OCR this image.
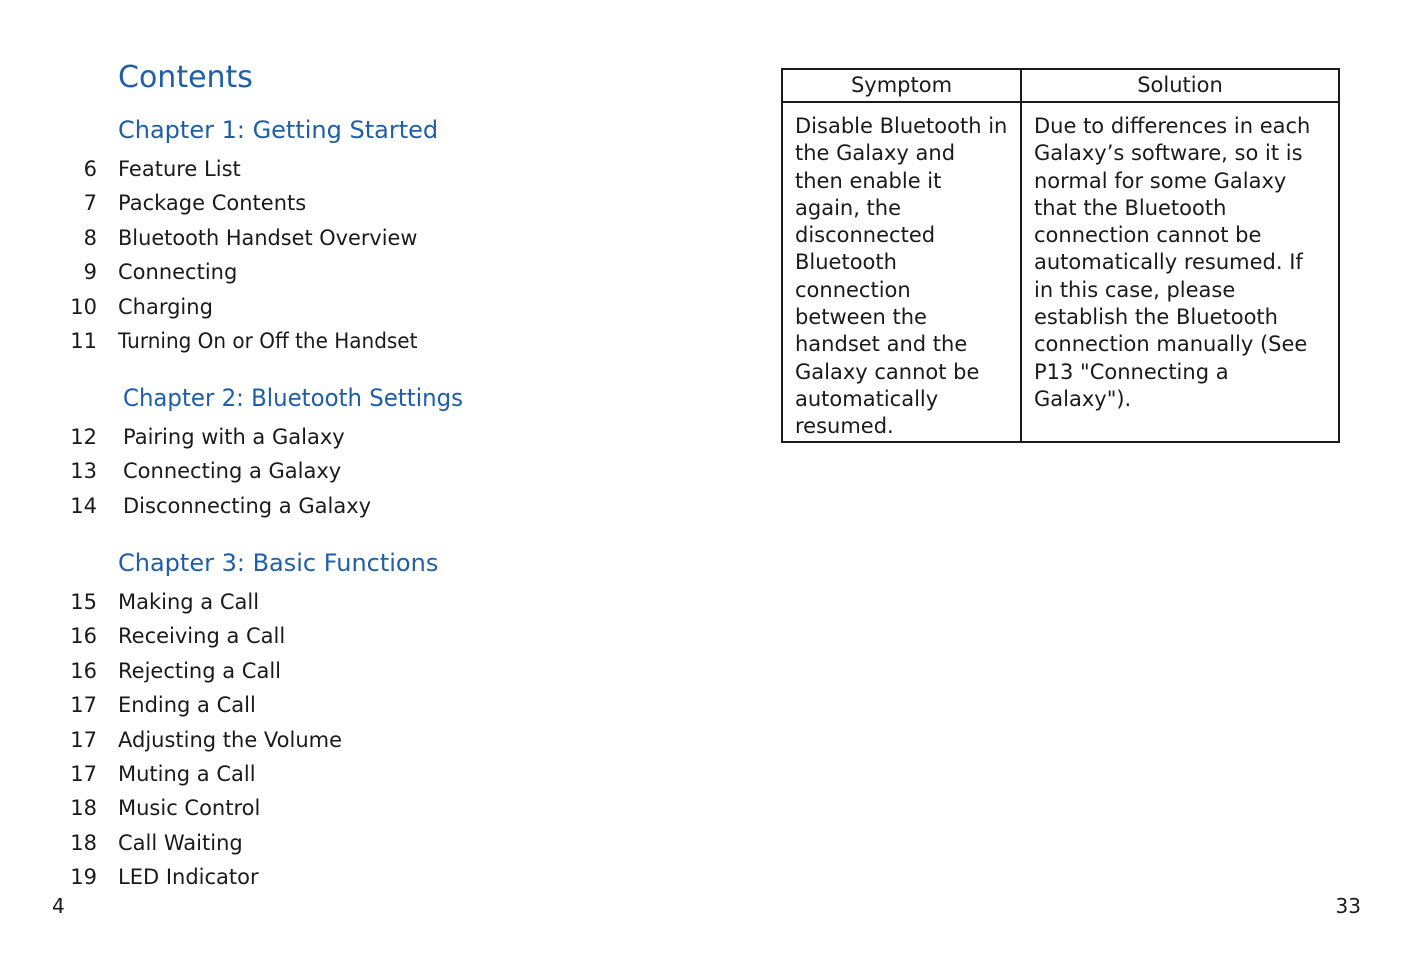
Contents
Chapter 1: Getting Started
6 Feature List
7 Package Contents
8 Bluetooth Handset Overview
9 Connecting
10 Charging
11 Turning On or Off the Handset
Chapter 2: Bluetooth Settings
12 Pairing with a Galaxy
13 Connecting a Galaxy
14 Disconnecting a Galaxy
Chapter 3: Basic Functions
15 Making a Call
16 Receiving a Call
16 Rejecting a Call
17 Ending a Call
17 Adjusting the Volume
17 Muting a Call
18 Music Control
18 Call Waiting
19 LED Indicator
Symptom	Solution
Disable Bluetooth in the Galaxy and then enable it again, the disconnected Bluetooth connection between the handset and the Galaxy cannot be automatically resumed.	Due to differences in each Galaxy’s software, so it is normal for some Galaxy that the Bluetooth connection cannot be automatically resumed. If in this case, please establish the Bluetooth connection manually (See P13 "Connecting a Galaxy").
4	33
